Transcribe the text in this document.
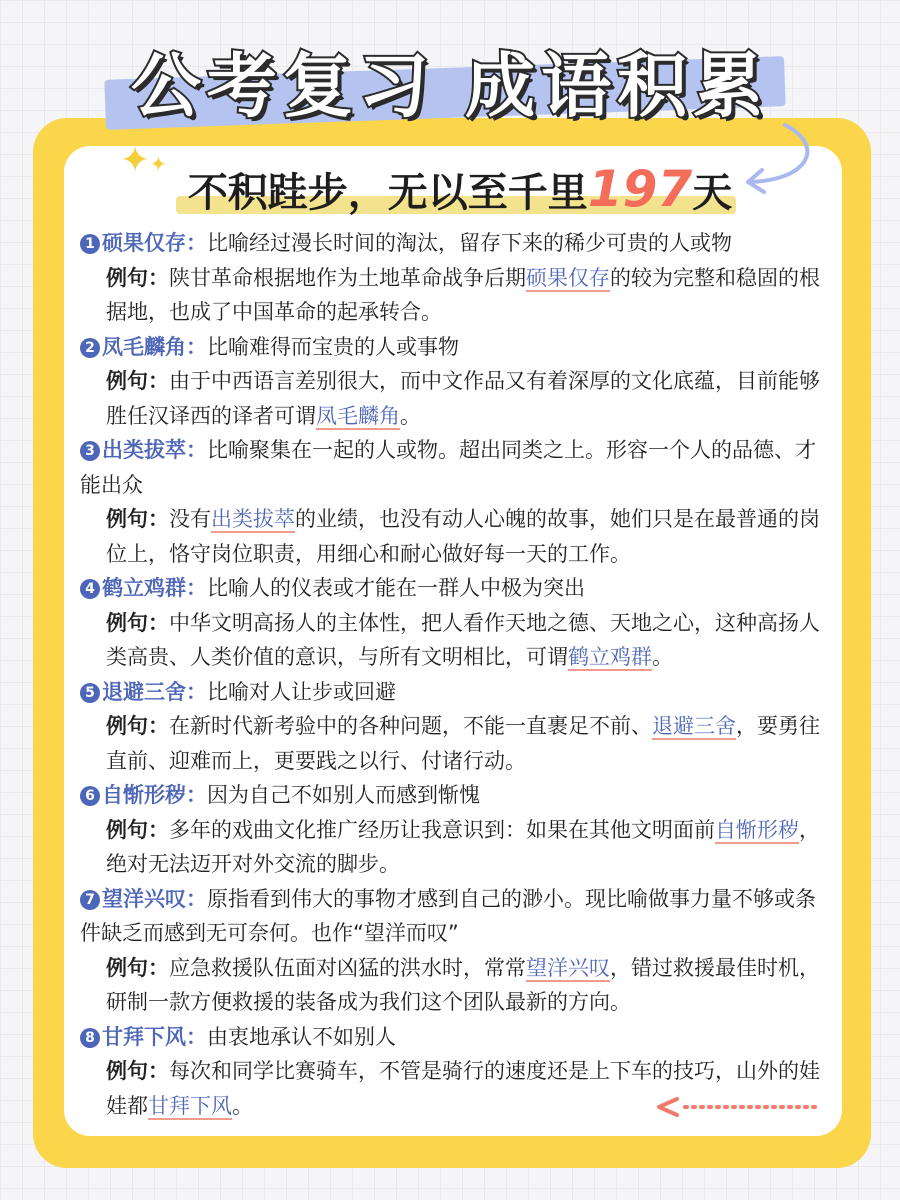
公考复习 成语积累
✦ ✦
不积跬步，无以至千里197天
1 硕果仅存：比喻经过漫长时间的淘汰，留存下来的稀少可贵的人或物
例句：陕甘革命根据地作为土地革命战争后期硕果仅存的较为完整和稳固的根据地，也成了中国革命的起承转合。
2 凤毛麟角：比喻难得而宝贵的人或事物
例句：由于中西语言差别很大，而中文作品又有着深厚的文化底蕴，目前能够胜任汉译西的译者可谓凤毛麟角。
3 出类拔萃：比喻聚集在一起的人或物。超出同类之上。形容一个人的品德、才能出众
例句：没有出类拔萃的业绩，也没有动人心魄的故事，她们只是在最普通的岗位上，恪守岗位职责，用细心和耐心做好每一天的工作。
4 鹤立鸡群：比喻人的仪表或才能在一群人中极为突出
例句：中华文明高扬人的主体性，把人看作天地之德、天地之心，这种高扬人类高贵、人类价值的意识，与所有文明相比，可谓鹤立鸡群。
5 退避三舍：比喻对人让步或回避
例句：在新时代新考验中的各种问题，不能一直裹足不前、退避三舍，要勇往直前、迎难而上，更要践之以行、付诸行动。
6 自惭形秽：因为自己不如别人而感到惭愧
例句：多年的戏曲文化推广经历让我意识到：如果在其他文明面前自惭形秽，绝对无法迈开对外交流的脚步。
7 望洋兴叹：原指看到伟大的事物才感到自己的渺小。现比喻做事力量不够或条件缺乏而感到无可奈何。也作“望洋而叹”
例句：应急救援队伍面对凶猛的洪水时，常常望洋兴叹，错过救援最佳时机，研制一款方便救援的装备成为我们这个团队最新的方向。
8 甘拜下风：由衷地承认不如别人
例句：每次和同学比赛骑车，不管是骑行的速度还是上下车的技巧，山外的娃娃都甘拜下风。
